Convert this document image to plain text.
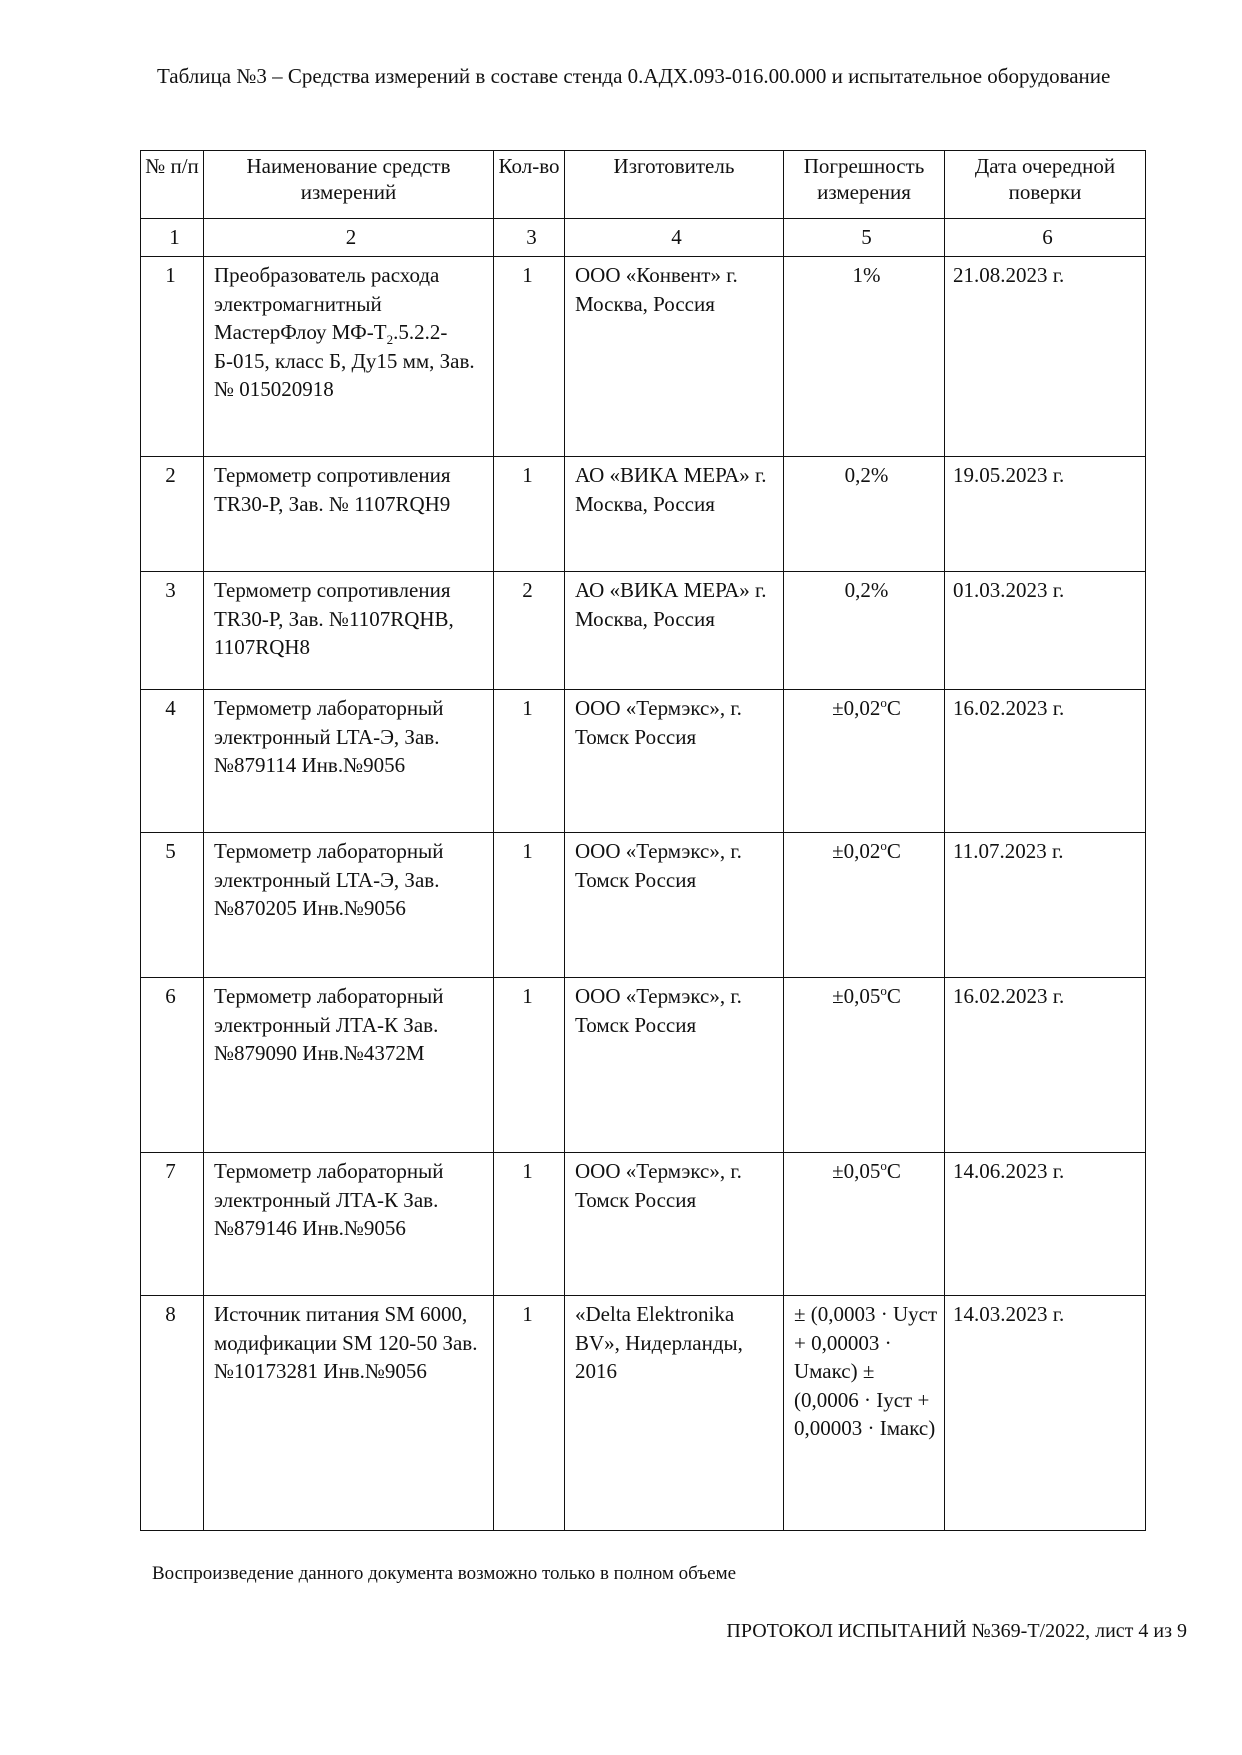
Таблица №3 – Средства измерений в составе стенда 0.АДХ.093-016.00.000 и испытательное оборудование
№ п/п	Наименование средств измерений	Кол-во	Изготовитель	Погрешность измерения	Дата очередной поверки
1	2	3	4	5	6
1	Преобразователь расхода электромагнитный МастерФлоу $МФ-Т_2.5.2.2-Б-015$, класс Б, Ду15 мм, Зав. № 015020918	1	ООО «Конвент» г. Москва, Россия	1%	21.08.2023 г.
2	Термометр сопротивления TR30-P, Зав. № 1107RQH9	1	АО «ВИКА МЕРА» г. Москва, Россия	0,2%	19.05.2023 г.
3	Термометр сопротивления TR30-P, Зав. №1107RQHB, 1107RQH8	2	АО «ВИКА МЕРА» г. Москва, Россия	0,2%	01.03.2023 г.
4	Термометр лабораторный электронный LTA-Э, Зав.№879114 Инв.№9056	1	ООО «Термэкс», г. Томск Россия	$\pm 0,02^оС$	16.02.2023 г.
5	Термометр лабораторный электронный LTA-Э, Зав. №870205 Инв.№9056	1	ООО «Термэкс», г. Томск Россия	$\pm 0,02^оС$	11.07.2023 г.
6	Термометр лабораторный электронный ЛТА-К Зав. №879090 Инв.№4372М	1	ООО «Термэкс», г. Томск Россия	$\pm 0,05^оС$	16.02.2023 г.
7	Термометр лабораторный электронный ЛТА-К Зав. №879146 Инв.№9056	1	ООО «Термэкс», г. Томск Россия	$\pm 0,05^оС$	14.06.2023 г.
8	Источник питания SM 6000, модификации SM 120-50 Зав. №10173281 Инв.№9056	1	«Delta Elektronika BV», Нидерланды, 2016	± (0,0003 · Uуст + 0,00003 · Uмакс) ± (0,0006 · Iуст + 0,00003 · Iмакс)	14.03.2023 г.
Воспроизведение данного документа возможно только в полном объеме
ПРОТОКОЛ ИСПЫТАНИЙ №369-Т/2022, лист 4 из 9
